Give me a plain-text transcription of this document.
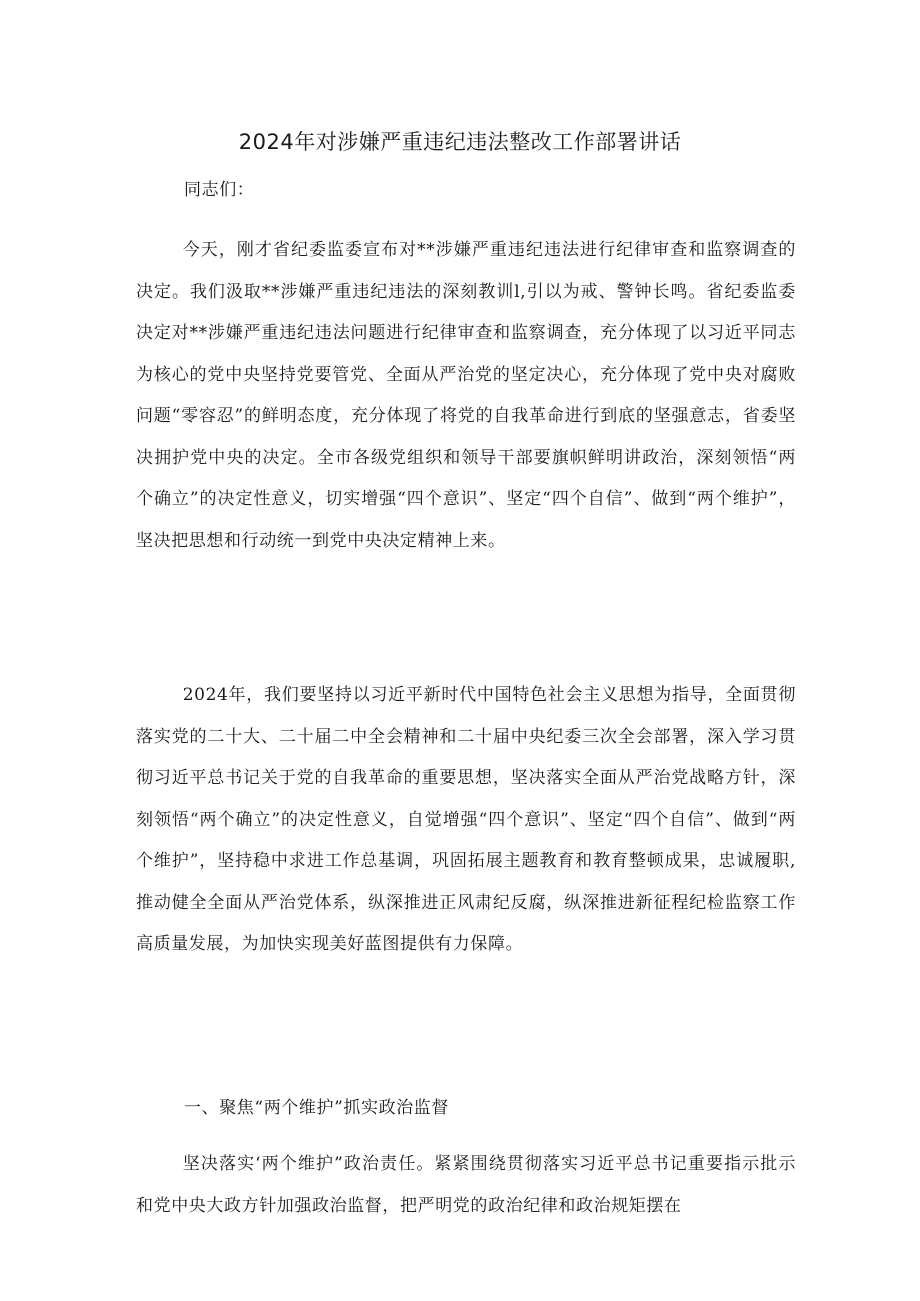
2024年对涉嫌严重违纪违法整改工作部署讲话

同志们：

今天，刚才省纪委监委宣布对**涉嫌严重违纪违法进行纪律审查和监察调查的决定。我们汲取**涉嫌严重违纪违法的深刻教训l,引以为戒、警钟长鸣。省纪委监委决定对**涉嫌严重违纪违法问题进行纪律审查和监察调查，充分体现了以习近平同志为核心的党中央坚持党要管党、全面从严治党的坚定决心，充分体现了党中央对腐败问题“零容忍”的鲜明态度，充分体现了将党的自我革命进行到底的坚强意志，省委坚决拥护党中央的决定。全市各级党组织和领导干部要旗帜鲜明讲政治，深刻领悟“两个确立”的决定性意义，切实增强“四个意识”、坚定“四个自信”、做到“两个维护”，坚决把思想和行动统一到党中央决定精神上来。

2024年，我们要坚持以习近平新时代中国特色社会主义思想为指导，全面贯彻落实党的二十大、二十届二中全会精神和二十届中央纪委三次全会部署，深入学习贯彻习近平总书记关于党的自我革命的重要思想，坚决落实全面从严治党战略方针，深刻领悟“两个确立”的决定性意义，自觉增强“四个意识”、坚定“四个自信”、做到“两个维护”，坚持稳中求进工作总基调，巩固拓展主题教育和教育整顿成果，忠诚履职,推动健全全面从严治党体系，纵深推进正风肃纪反腐，纵深推进新征程纪检监察工作高质量发展，为加快实现美好蓝图提供有力保障。

一、聚焦“两个维护”抓实政治监督

坚决落实‘两个维护”政治责任。紧紧围绕贯彻落实习近平总书记重要指示批示和党中央大政方针加强政治监督，把严明党的政治纪律和政治规矩摆在
